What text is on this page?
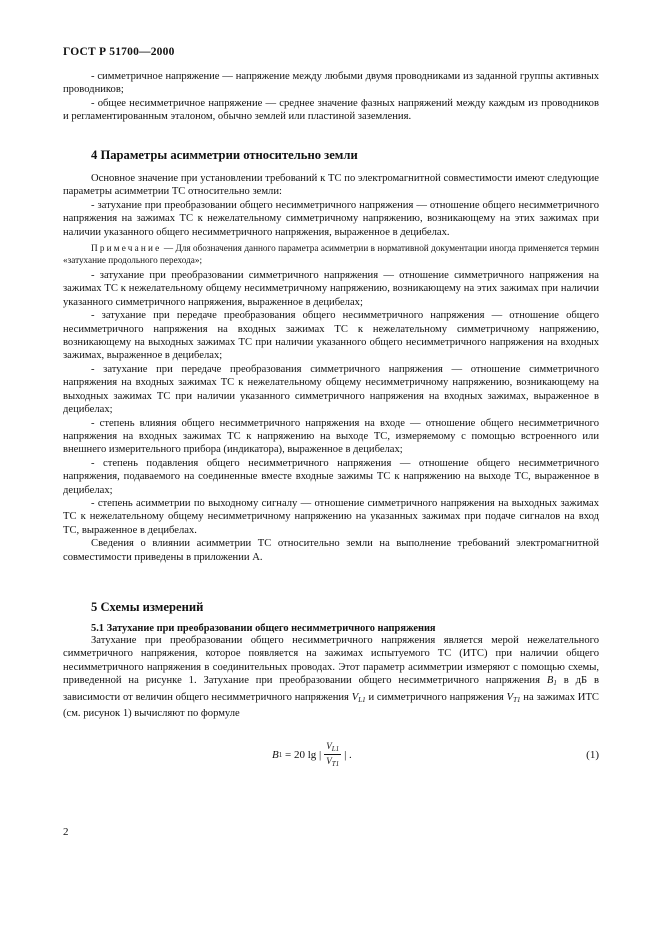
ГОСТ Р 51700—2000

- симметричное напряжение — напряжение между любыми двумя проводниками из заданной группы активных проводников;

- общее несимметричное напряжение — среднее значение фазных напряжений между каждым из проводников и регламентированным эталоном, обычно землей или пластиной заземления.

4 Параметры асимметрии относительно земли

Основное значение при установлении требований к ТС по электромагнитной совместимости имеют следующие параметры асимметрии ТС относительно земли:

- затухание при преобразовании общего несимметричного напряжения — отношение общего несимметричного напряжения на зажимах ТС к нежелательному симметричному напряжению, возникающему на этих зажимах при наличии указанного общего несимметричного напряжения, выраженное в децибелах.

Примечание — Для обозначения данного параметра асимметрии в нормативной документации иногда применяется термин «затухание продольного перехода»;

- затухание при преобразовании симметричного напряжения — отношение симметричного напряжения на зажимах ТС к нежелательному общему несимметричному напряжению, возникающему на этих зажимах при наличии указанного симметричного напряжения, выраженное в децибелах;

- затухание при передаче преобразования общего несимметричного напряжения — отношение общего несимметричного напряжения на входных зажимах ТС к нежелательному симметричному напряжению, возникающему на выходных зажимах ТС при наличии указанного общего несимметричного напряжения на входных зажимах, выраженное в децибелах;

- затухание при передаче преобразования симметричного напряжения — отношение симметричного напряжения на входных зажимах ТС к нежелательному общему несимметричному напряжению, возникающему на выходных зажимах ТС при наличии указанного симметричного напряжения на входных зажимах, выраженное в децибелах;

- степень влияния общего несимметричного напряжения на входе — отношение общего несимметричного напряжения на входных зажимах ТС к напряжению на выходе ТС, измеряемому с помощью встроенного или внешнего измерительного прибора (индикатора), выраженное в децибелах;

- степень подавления общего несимметричного напряжения — отношение общего несимметричного напряжения, подаваемого на соединенные вместе входные зажимы ТС к напряжению на выходе ТС, выраженное в децибелах;

- степень асимметрии по выходному сигналу — отношение симметричного напряжения на выходных зажимах ТС к нежелательному общему несимметричному напряжению на указанных зажимах при подаче сигналов на вход ТС, выраженное в децибелах.

Сведения о влиянии асимметрии ТС относительно земли на выполнение требований электромагнитной совместимости приведены в приложении А.

5 Схемы измерений
5.1 Затухание при преобразовании общего несимметричного напряжения

Затухание при преобразовании общего несимметричного напряжения является мерой нежелательного симметричного напряжения, которое появляется на зажимах испытуемого ТС (ИТС) при наличии общего несимметричного напряжения в соединительных проводах. Этот параметр асимметрии измеряют с помощью схемы, приведенной на рисунке 1. Затухание при преобразовании общего несимметричного напряжения $B_1$ в дБ в зависимости от величин общего несимметричного напряжения $V_{L1}$ и симметричного напряжения $V_{T1}$ на зажимах ИТС (см. рисунок 1) вычисляют по формуле

B 1 = 20 lg | $\frac{V_{L1}}{V_{T1}}$ | .	(1)
2
